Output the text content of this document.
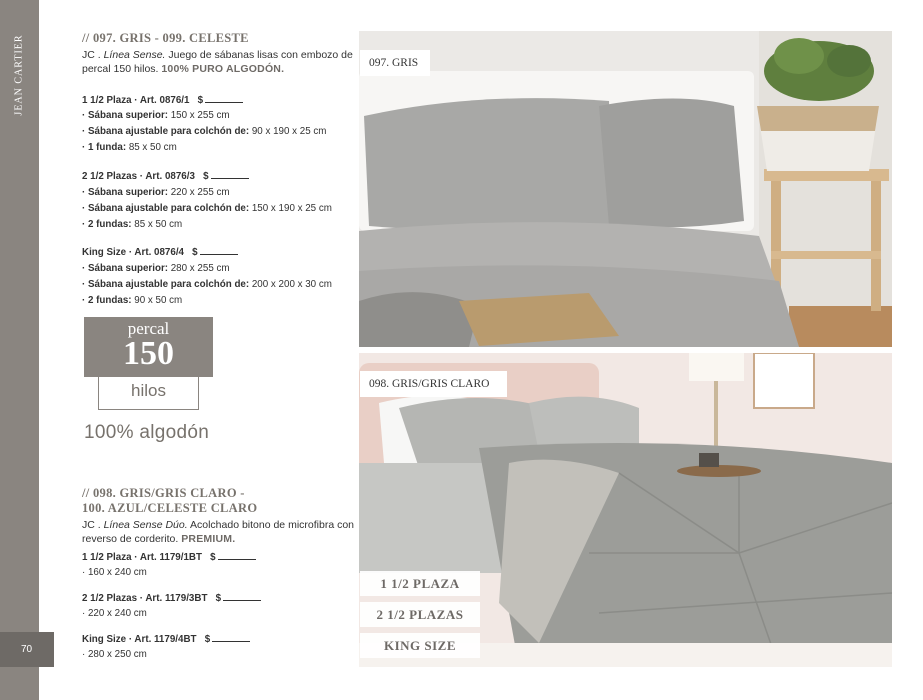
JEAN CARTIER
70
// 097. GRIS - 099. CELESTE
JC . Línea Sense. Juego de sábanas lisas con embozo de percal 150 hilos. 100% PURO ALGODÓN.
1 1/2 Plaza · Art. 0876/1 $
· Sábana superior: 150 x 255 cm
· Sábana ajustable para colchón de: 90 x 190 x 25 cm
· 1 funda: 85 x 50 cm
2 1/2 Plazas · Art. 0876/3 $
· Sábana superior: 220 x 255 cm
· Sábana ajustable para colchón de: 150 x 190 x 25 cm
· 2 fundas: 85 x 50 cm
King Size · Art. 0876/4 $
· Sábana superior: 280 x 255 cm
· Sábana ajustable para colchón de: 200 x 200 x 30 cm
· 2 fundas: 90 x 50 cm
percal
150
hilos
100% algodón
// 098. GRIS/GRIS CLARO -
100. AZUL/CELESTE CLARO
JC . Línea Sense Dúo. Acolchado bitono de microfibra con reverso de corderito. PREMIUM.
1 1/2 Plaza · Art. 1179/1BT $
· 160 x 240 cm
2 1/2 Plazas · Art. 1179/3BT $
· 220 x 240 cm
King Size · Art. 1179/4BT $
· 280 x 250 cm
097. GRIS
098. GRIS/GRIS CLARO
1 1/2 PLAZA
2 1/2 PLAZAS
KING SIZE
